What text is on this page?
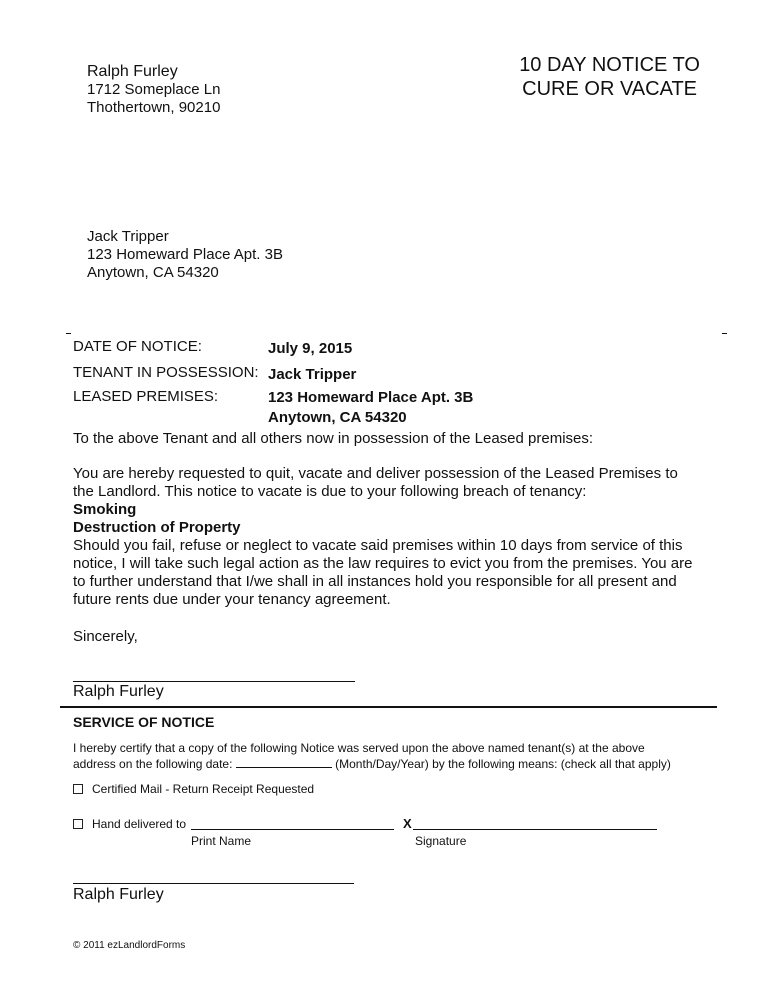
Ralph Furley
1712 Someplace Ln
Thothertown, 90210
10 DAY NOTICE TO
CURE OR VACATE
Jack Tripper
123 Homeward Place Apt. 3B
Anytown, CA 54320
DATE OF NOTICE:	July 9, 2015
TENANT IN POSSESSION: Jack Tripper
LEASED PREMISES:	123 Homeward Place Apt. 3B
Anytown, CA 54320
To the above Tenant and all others now in possession of the Leased premises:
You are hereby requested to quit, vacate and deliver possession of the Leased Premises to
the Landlord. This notice to vacate is due to your following breach of tenancy:
Smoking
Destruction of Property
Should you fail, refuse or neglect to vacate said premises within 10 days from service of this
notice, I will take such legal action as the law requires to evict you from the premises. You are
to further understand that I/we shall in all instances hold you responsible for all present and
future rents due under your tenancy agreement.
Sincerely,
Ralph Furley
SERVICE OF NOTICE
I hereby certify that a copy of the following Notice was served upon the above named tenant(s) at the above
address on the following date:	(Month/Day/Year) by the following means: (check all that apply)
Certified Mail - Return Receipt Requested
Hand delivered to	X
Print Name	Signature
Ralph Furley
© 2011 ezLandlordForms
